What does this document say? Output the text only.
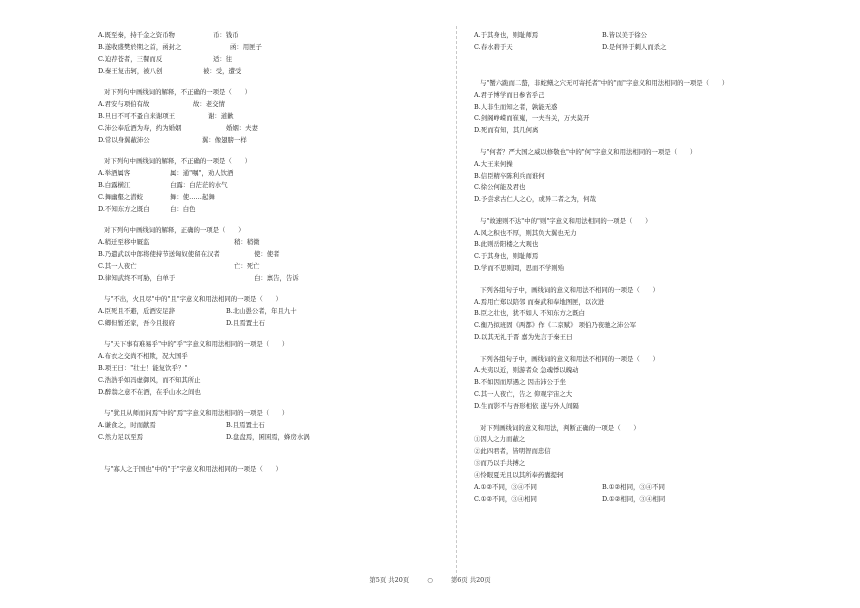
A.既至秦，持千金之资币物	币：钱币
B.遂收盛樊於期之首，函封之	函：用匣子
C.迫荐苍者，三餐而反	适：往
D.秦王复击轲，被八创	被：受，遭受
对下列句中画线词的解释，不正确的一项是（　　）
A.君安与项伯有故	故：老交情
B.旦日不可不蚤自来谢项王	谢：道歉
C.沛公奉卮酒为寿，约为婚姻	婚姻：夫妻
D.常以身翼蔽沛公	翼：像翅膀一样
对下列句中画线词的解释，不正确的一项是（　　）
A.举酒属客	属：通"嘱"，劝人饮酒
B.白露横江	白露：白茫茫的水气
C.舞幽壑之潜蛟	舞：使……起舞
D.不知东方之既白	白：白色
对下列句中画线词的解释，正确的一项是（　　）
A.稍迁至移中厩监	稍：稍微
B.乃遣武以中郎将使持节送匈奴使留在汉者	使：使者
C.其一人夜亡	亡：死亡
D.律知武终不可胁，白单于	白：禀告，告诉
与"不出，火且尽"中的"且"字意义和用法相同的一项是（　　）
A.臣死且不避，卮酒安足辞	B.北山愚公者，年且九十
C.卿但暂还家，吾今且报府	D.且焉置土石
与"天下事有难易乎"中的"乎"字意义和用法相同的一项是（　　）
A.布衣之交尚不相欺，况大国乎
B.项王曰："壮士！能复饮乎？"
C.浩浩乎如冯虚御风，而不知其所止
D.醉翁之意不在酒，在乎山水之间也
与"犹且从师而问焉"中的"焉"字意义和用法相同的一项是（　　）
A.谦食之，时而献焉	B.且焉置土石
C.然力足以至焉	D.盘盘焉，囷囷焉，蜂房水涡
与"寡人之于国也"中的"于"字意义和用法相同的一项是（　　）
A.于其身也，则耻师焉	B.皆以美于徐公
C.春水碧于天	D.是何异于刺人而杀之
与"蟹六跪而二螯，非蛇鳝之穴无可寄托者"中的"而"字意义和用法相同的一项是（　　）
A.君子博学而日参省乎己
B.人非生而知之者，孰能无惑
C.剑阁峥嵘而崔嵬，一夫当关，万夫莫开
D.死而有知，其几何离
与"何者？严大国之威以修敬也"中的"何"字意义和用法相同的一项是（　　）
A.大王来何操
B.信臣精卒陈利兵而谁何
C.徐公何能及君也
D.予尝求古仁人之心，或异二者之为，何哉
与"故速则不达"中的"则"字意义和用法相同的一项是（　　）
A.风之积也不厚，则其负大翼也无力
B.此则岳阳楼之大观也
C.于其身也，则耻师焉
D.学而不思则罔，思而不学则殆
下列各组句子中，画线词的意义和用法不相同的一项是（　　）
A.焉用亡郑以陪邻 而秦武和奉地图匣，以次进
B.臣之壮也，犹不如人 不知东方之既白
C.衡乃拟班固《两都》作《二京赋》 项伯乃夜驰之沛公军
D.以其无礼于晋 嘉为先言于秦王曰
下列各组句子中，画线词的意义和用法不相同的一项是（　　）
A.夫夷以近，则游者众 急魂悸以魄动
B.不如因而厚遇之 因击沛公于坐
C.其一人夜亡，告之 仰观宇宙之大
D.生而影不与吾形相依 遂与外人间隔
对下列画线词的意义和用法，判断正确的一项是（　　）
①因人之力而蔽之
②此四君者，皆明智而忠信
③而乃以手共搏之
④怜眼夏无且以其所奉药囊提轲
A.①②不同，③④不同	B.①②相同，③④不同
C.①②不同，③④相同	D.①②相同，③④相同
第5页 共20页	○	第6页 共20页
